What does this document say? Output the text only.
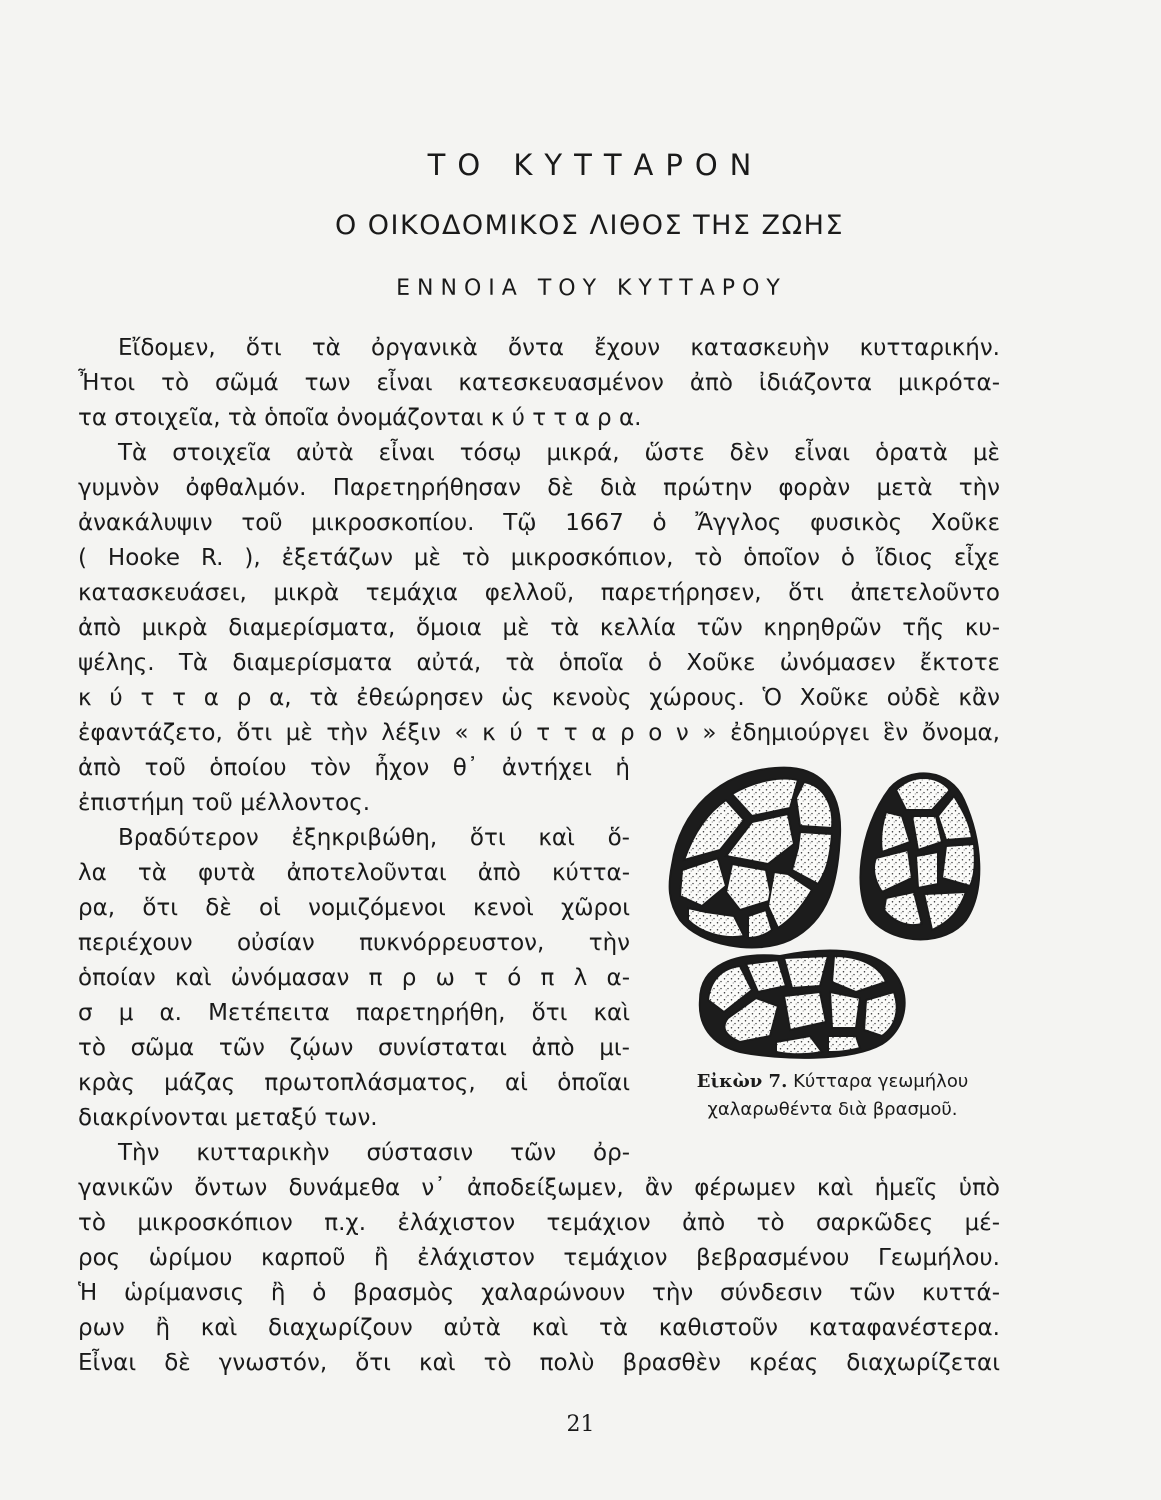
ΤΟ ΚΥΤΤΑΡΟΝ
Ο ΟΙΚΟΔΟΜΙΚΟΣ ΛΙΘΟΣ ΤΗΣ ΖΩΗΣ
ΕΝΝΟΙΑ ΤΟΥ ΚΥΤΤΑΡΟΥ

Εἴδομεν, ὅτι τὰ ὀργανικὰ ὄντα ἔχουν κατασκευὴν κυτταρικήν.

Ἦτοι τὸ σῶμά των εἶναι κατεσκευασμένον ἀπὸ ἰδιάζοντα μικρότα-

τα στοιχεῖα, τὰ ὁποῖα ὀνομάζονται κ ύ τ τ α ρ α.

Τὰ στοιχεῖα αὐτὰ εἶναι τόσῳ μικρά, ὥστε δὲν εἶναι ὁρατὰ μὲ

γυμνὸν ὀφθαλμόν. Παρετηρήθησαν δὲ διὰ πρώτην φορὰν μετὰ τὴν

ἀνακάλυψιν τοῦ μικροσκοπίου. Τῷ 1667 ὁ Ἄγγλος φυσικὸς Χοῦκε

( Hooke R. ), ἐξετάζων μὲ τὸ μικροσκόπιον, τὸ ὁποῖον ὁ ἴδιος εἶχε

κατασκευάσει, μικρὰ τεμάχια φελλοῦ, παρετήρησεν, ὅτι ἀπετελοῦντο

ἀπὸ μικρὰ διαμερίσματα, ὅμοια μὲ τὰ κελλία τῶν κηρηθρῶν τῆς κυ-

ψέλης. Τὰ διαμερίσματα αὐτά, τὰ ὁποῖα ὁ Χοῦκε ὠνόμασεν ἔκτοτε

κ ύ τ τ α ρ α, τὰ ἐθεώρησεν ὡς κενοὺς χώρους. Ὁ Χοῦκε οὐδὲ κἂν

ἐφαντάζετο, ὅτι μὲ τὴν λέξιν « κ ύ τ τ α ρ ο ν » ἐδημιούργει ἓν ὄνομα,

ἀπὸ τοῦ ὁποίου τὸν ἦχον θ᾽ ἀντήχει ἡ

ἐπιστήμη τοῦ μέλλοντος.

Βραδύτερον ἐξηκριβώθη, ὅτι καὶ ὅ-

λα τὰ φυτὰ ἀποτελοῦνται ἀπὸ κύττα-

ρα, ὅτι δὲ οἱ νομιζόμενοι κενοὶ χῶροι

περιέχουν οὐσίαν πυκνόρρευστον, τὴν

ὁποίαν καὶ ὠνόμασαν π ρ ω τ ό π λ α-

σ μ α. Μετέπειτα παρετηρήθη, ὅτι καὶ

τὸ σῶμα τῶν ζῴων συνίσταται ἀπὸ μι-

κρὰς μάζας πρωτοπλάσματος, αἱ ὁποῖαι

διακρίνονται μεταξύ των.

Τὴν κυτταρικὴν σύστασιν τῶν ὀρ-

γανικῶν ὄντων δυνάμεθα ν᾽ ἀποδείξωμεν, ἂν φέρωμεν καὶ ἡμεῖς ὑπὸ

τὸ μικροσκόπιον π.χ. ἐλάχιστον τεμάχιον ἀπὸ τὸ σαρκῶδες μέ-

ρος ὡρίμου καρποῦ ἢ ἐλάχιστον τεμάχιον βεβρασμένου Γεωμήλου.

Ἡ ὡρίμανσις ἢ ὁ βρασμὸς χαλαρώνουν τὴν σύνδεσιν τῶν κυττά-

ρων ἢ καὶ διαχωρίζουν αὐτὰ καὶ τὰ καθιστοῦν καταφανέστερα.

Εἶναι δὲ γνωστόν, ὅτι καὶ τὸ πολὺ βρασθὲν κρέας διαχωρίζεται

Εἰκὼν 7. Κύτταρα γεωμήλου
χαλαρωθέντα διὰ βρασμοῦ.
21
